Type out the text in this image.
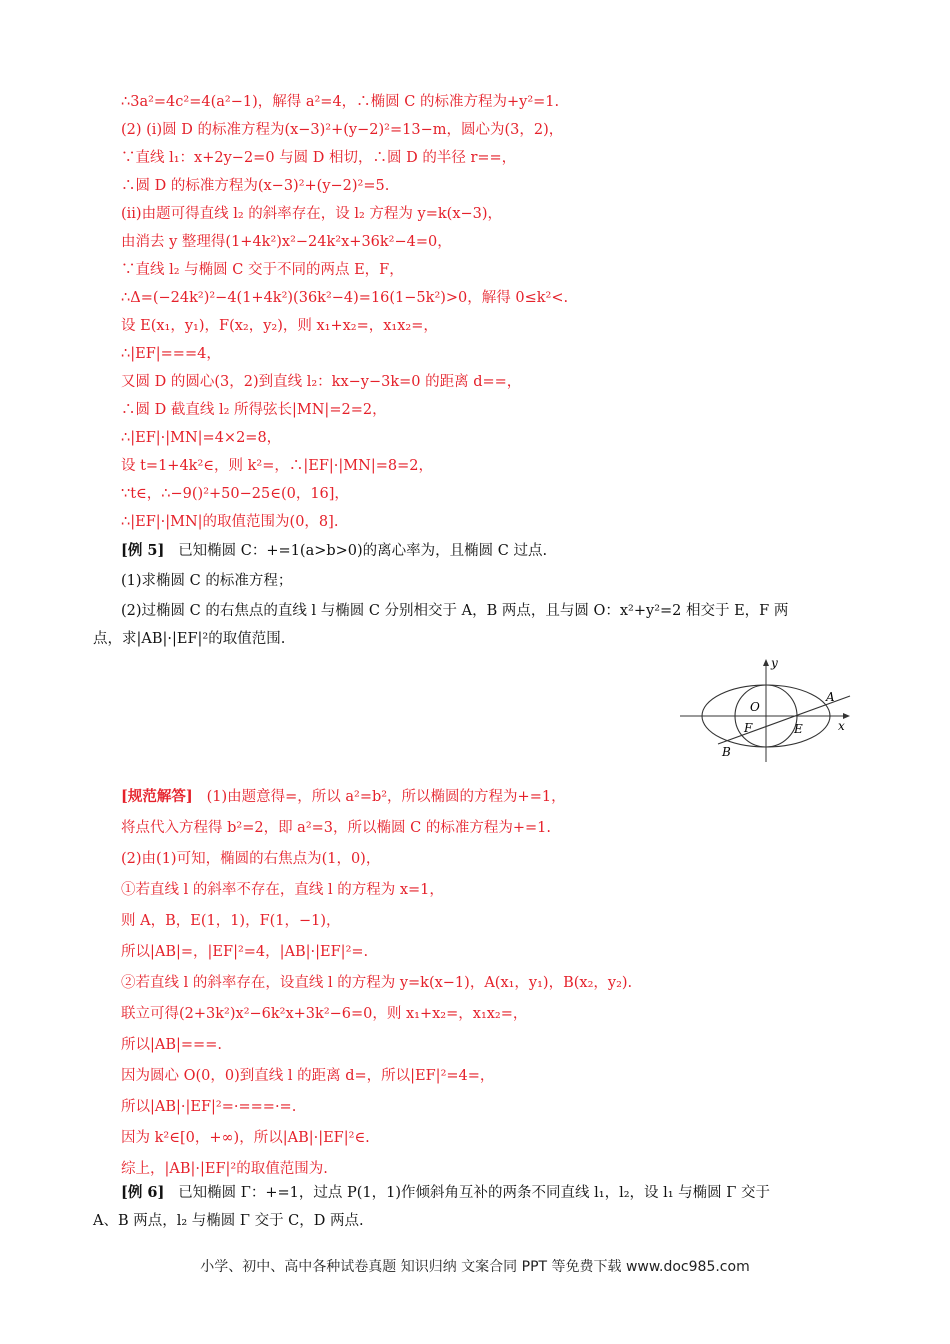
∴3a²=4c²=4(a²−1)，解得 a²=4，∴椭圆 C 的标准方程为+y²=1.
(2) (i)圆 D 的标准方程为(x−3)²+(y−2)²=13−m，圆心为(3，2)，
∵直线 l₁：x+2y−2=0 与圆 D 相切，∴圆 D 的半径 r==，
∴圆 D 的标准方程为(x−3)²+(y−2)²=5.
(ii)由题可得直线 l₂ 的斜率存在，设 l₂ 方程为 y=k(x−3)，
由消去 y 整理得(1+4k²)x²−24k²x+36k²−4=0，
∵直线 l₂ 与椭圆 C 交于不同的两点 E，F，
∴Δ=(−24k²)²−4(1+4k²)(36k²−4)=16(1−5k²)>0，解得 0≤k²<.
设 E(x₁，y₁)，F(x₂，y₂)，则 x₁+x₂=，x₁x₂=，
∴|EF|===4，
又圆 D 的圆心(3，2)到直线 l₂：kx−y−3k=0 的距离 d==，
∴圆 D 截直线 l₂ 所得弦长|MN|=2=2，
∴|EF|·|MN|=4×2=8，
设 t=1+4k²∈，则 k²=，∴|EF|·|MN|=8=2，
∵t∈，∴−9()²+50−25∈(0，16]，
∴|EF|·|MN|的取值范围为(0，8].
[例 5] 已知椭圆 C：+=1(a>b>0)的离心率为，且椭圆 C 过点.
(1)求椭圆 C 的标准方程；
(2)过椭圆 C 的右焦点的直线 l 与椭圆 C 分别相交于 A，B 两点，且与圆 O：x²+y²=2 相交于 E，F 两
点，求|AB|·|EF|²的取值范围.
y
x
O
A
B
E
F
[规范解答] (1)由题意得=，所以 a²=b²，所以椭圆的方程为+=1，
将点代入方程得 b²=2，即 a²=3，所以椭圆 C 的标准方程为+=1.
(2)由(1)可知，椭圆的右焦点为(1，0)，
①若直线 l 的斜率不存在，直线 l 的方程为 x=1，
则 A，B，E(1，1)，F(1，−1)，
所以|AB|=，|EF|²=4，|AB|·|EF|²=.
②若直线 l 的斜率存在，设直线 l 的方程为 y=k(x−1)，A(x₁，y₁)，B(x₂，y₂).
联立可得(2+3k²)x²−6k²x+3k²−6=0，则 x₁+x₂=，x₁x₂=，
所以|AB|===.
因为圆心 O(0，0)到直线 l 的距离 d=，所以|EF|²=4=，
所以|AB|·|EF|²=·===·=.
因为 k²∈[0，+∞)，所以|AB|·|EF|²∈.
综上，|AB|·|EF|²的取值范围为.
[例 6] 已知椭圆 Γ：+=1，过点 P(1，1)作倾斜角互补的两条不同直线 l₁，l₂，设 l₁ 与椭圆 Γ 交于
A、B 两点，l₂ 与椭圆 Γ 交于 C，D 两点.
小学、初中、高中各种试卷真题 知识归纳 文案合同 PPT 等免费下载 www.doc985.com
